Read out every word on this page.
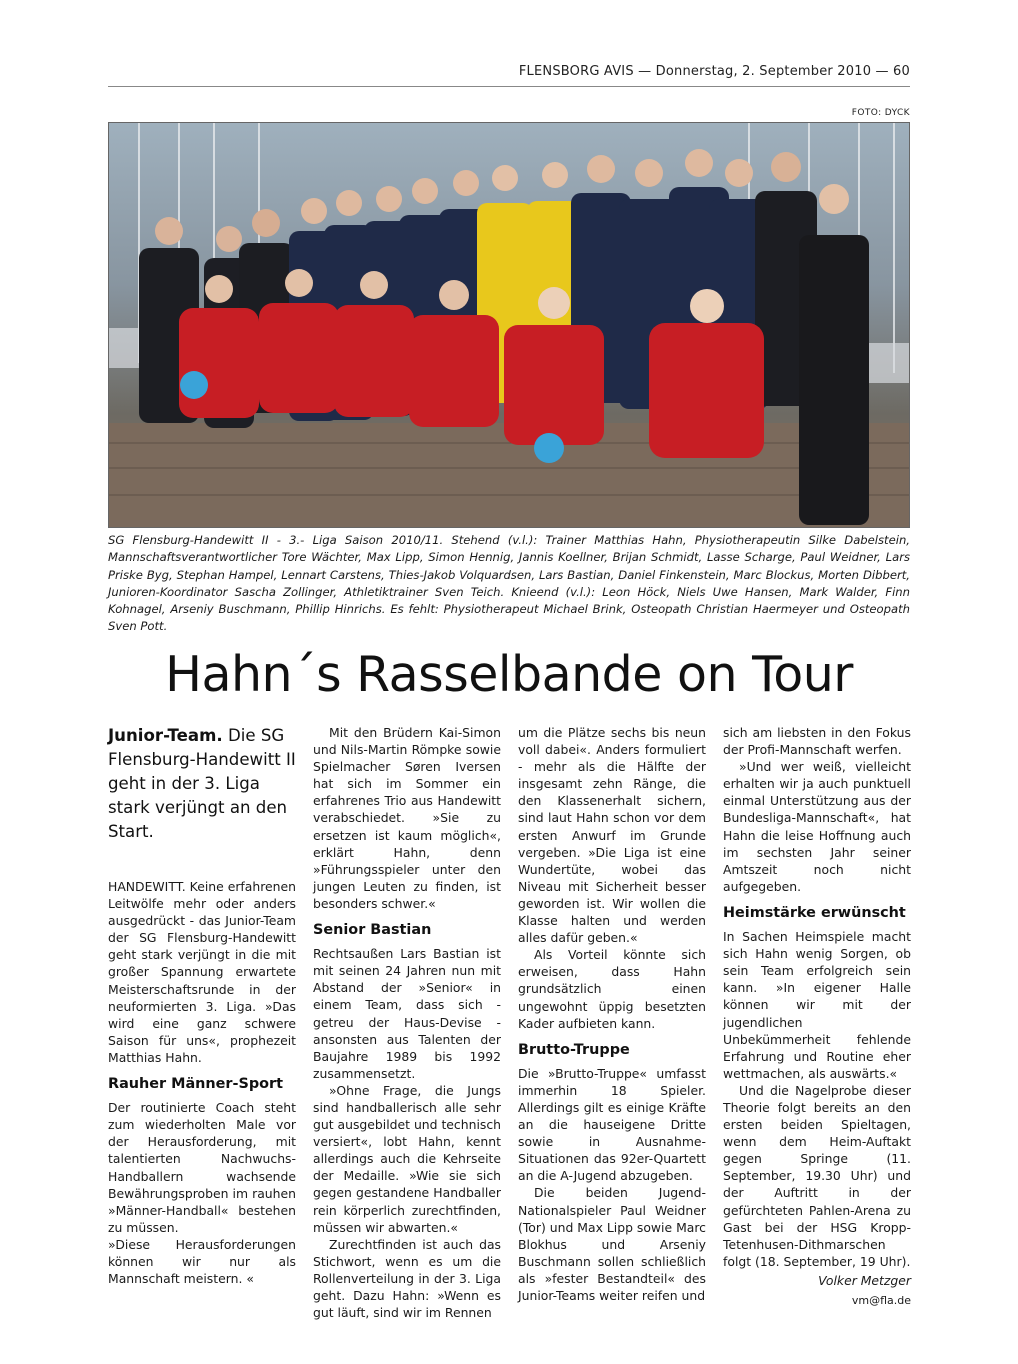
FLENSBORG AVIS — Donnerstag, 2. September 2010 — 60
FOTO: DYCK

SG Flensburg-Handewitt II - 3.- Liga Saison 2010/11. Stehend (v.l.): Trainer Matthias Hahn, Physiotherapeutin Silke Dabelstein, Mannschaftsverantwortlicher Tore Wächter, Max Lipp, Simon Hennig, Jannis Koellner, Brijan Schmidt, Lasse Scharge, Paul Weidner, Lars Priske Byg, Stephan Hampel, Lennart Carstens, Thies-Jakob Volquardsen, Lars Bastian, Daniel Finkenstein, Marc Blockus, Morten Dibbert, Junioren-Koordinator Sascha Zollinger, Athletiktrainer Sven Teich. Knieend (v.l.): Leon Höck, Niels Uwe Hansen, Mark Walder, Finn Kohnagel, Arseniy Buschmann, Phillip Hinrichs. Es fehlt: Physiotherapeut Michael Brink, Osteopath Christian Haermeyer und Osteopath Sven Pott.

Hahn´s Rasselbande on Tour

Junior-Team. Die SG Flensburg-Handewitt II geht in der 3. Liga stark verjüngt an den Start.

HANDEWITT. Keine erfahrenen Leitwölfe mehr oder anders ausgedrückt - das Junior-Team der SG Flensburg-Handewitt geht stark verjüngt in die mit großer Spannung erwartete Meisterschaftsrunde in der neuformierten 3. Liga. »Das wird eine ganz schwere Saison für uns«, prophezeit Matthias Hahn.

Rauher Männer-Sport

Der routinierte Coach steht zum wiederholten Male vor der Herausforderung, mit talentierten Nachwuchs-Handballern wachsende Bewährungsproben im rauhen »Männer-Handball« bestehen zu müssen.

»Diese Herausforderungen können wir nur als Mannschaft meistern. «

Mit den Brüdern Kai-Simon und Nils-Martin Römpke sowie Spielmacher Søren Iversen hat sich im Sommer ein erfahrenes Trio aus Handewitt verabschiedet. »Sie zu ersetzen ist kaum möglich«, erklärt Hahn, denn »Führungsspieler unter den jungen Leuten zu finden, ist besonders schwer.«

Senior Bastian

Rechtsaußen Lars Bastian ist mit seinen 24 Jahren nun mit Abstand der »Senior« in einem Team, dass sich - getreu der Haus-Devise - ansonsten aus Talenten der Baujahre 1989 bis 1992 zusammensetzt.

»Ohne Frage, die Jungs sind handballerisch alle sehr gut ausgebildet und technisch versiert«, lobt Hahn, kennt allerdings auch die Kehrseite der Medaille. »Wie sie sich gegen gestandene Handballer rein körperlich zurechtfinden, müssen wir abwarten.«

Zurechtfinden ist auch das Stichwort, wenn es um die Rollenverteilung in der 3. Liga geht. Dazu Hahn: »Wenn es gut läuft, sind wir im Rennen

um die Plätze sechs bis neun voll dabei«. Anders formuliert - mehr als die Hälfte der insgesamt zehn Ränge, die den Klassenerhalt sichern, sind laut Hahn schon vor dem ersten Anwurf im Grunde vergeben. »Die Liga ist eine Wundertüte, wobei das Niveau mit Sicherheit besser geworden ist. Wir wollen die Klasse halten und werden alles dafür geben.«

Als Vorteil könnte sich erweisen, dass Hahn grundsätzlich einen ungewohnt üppig besetzten Kader aufbieten kann.

Brutto-Truppe

Die »Brutto-Truppe« umfasst immerhin 18 Spieler. Allerdings gilt es einige Kräfte an die hauseigene Dritte sowie in Ausnahme-Situationen das 92er-Quartett an die A-Jugend abzugeben.

Die beiden Jugend-Nationalspieler Paul Weidner (Tor) und Max Lipp sowie Marc Blokhus und Arseniy Buschmann sollen schließlich als »fester Bestandteil« des Junior-Teams weiter reifen und

sich am liebsten in den Fokus der Profi-Mannschaft werfen.

»Und wer weiß, vielleicht erhalten wir ja auch punktuell einmal Unterstützung aus der Bundesliga-Mannschaft«, hat Hahn die leise Hoffnung auch im sechsten Jahr seiner Amtszeit noch nicht aufgegeben.

Heimstärke erwünscht

In Sachen Heimspiele macht sich Hahn wenig Sorgen, ob sein Team erfolgreich sein kann. »In eigener Halle können wir mit der jugendlichen Unbekümmerheit fehlende Erfahrung und Routine eher wettmachen, als auswärts.«

Und die Nagelprobe dieser Theorie folgt bereits an den ersten beiden Spieltagen, wenn dem Heim-Auftakt gegen Springe (11. September, 19.30 Uhr) und der Auftritt in der gefürchteten Pahlen-Arena zu Gast bei der HSG Kropp-Tetenhusen-Dithmarschen folgt (18. September, 19 Uhr).

Volker Metzger
vm@fla.de
